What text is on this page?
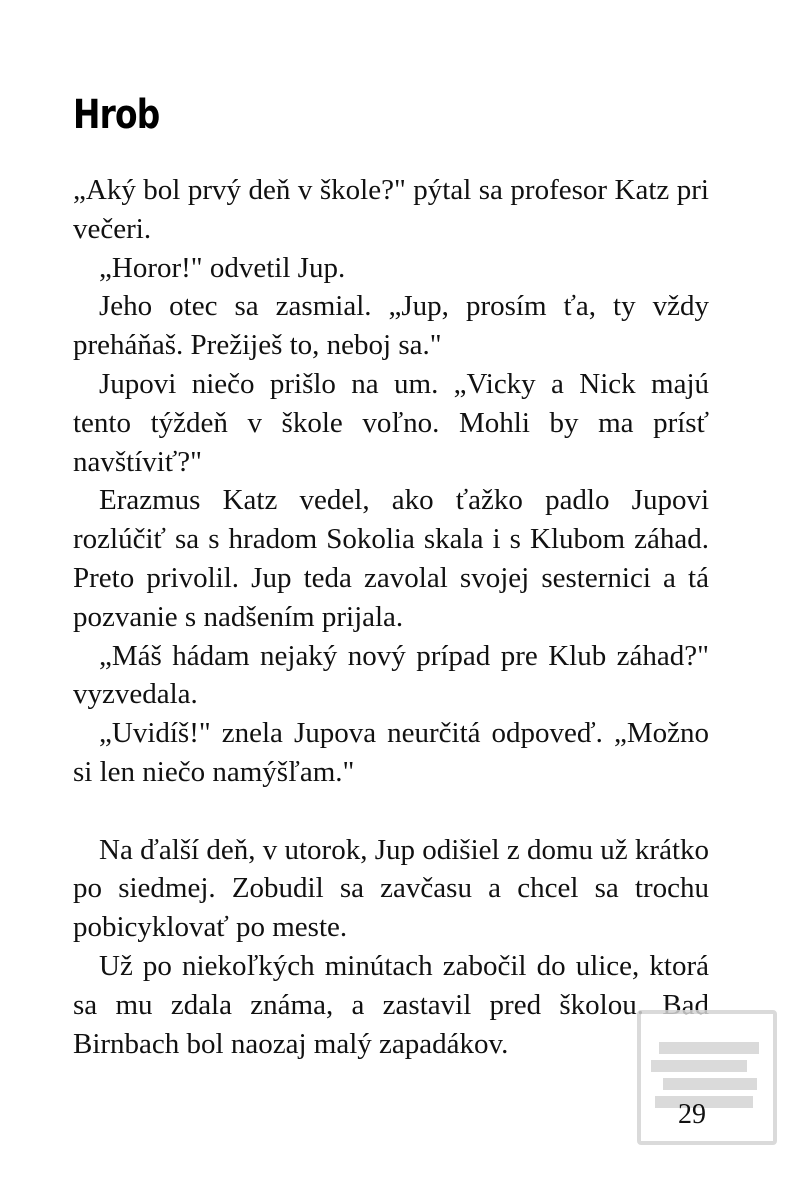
Hrob

„Aký bol prvý deň v škole?" pýtal sa profesor Katz pri večeri.

„Horor!" odvetil Jup.

Jeho otec sa zasmial. „Jup, prosím ťa, ty vždy preháňaš. Prežiješ to, neboj sa."

Jupovi niečo prišlo na um. „Vicky a Nick majú tento týždeň v škole voľno. Mohli by ma prísť navštíviť?"

Erazmus Katz vedel, ako ťažko padlo Jupovi rozlúčiť sa s hradom Sokolia skala i s Klubom záhad. Preto privolil. Jup teda zavolal svojej sesternici a tá pozvanie s nadšením prijala.

„Máš hádam nejaký nový prípad pre Klub záhad?" vyzvedala.

„Uvidíš!" znela Jupova neurčitá odpoveď. „Možno si len niečo namýšľam."

Na ďalší deň, v utorok, Jup odišiel z domu už krátko po siedmej. Zobudil sa zavčasu a chcel sa trochu pobicyklovať po meste.

Už po niekoľkých minútach zabočil do ulice, ktorá sa mu zdala známa, a zastavil pred školou. Bad Birnbach bol naozaj malý zapadákov.

29
